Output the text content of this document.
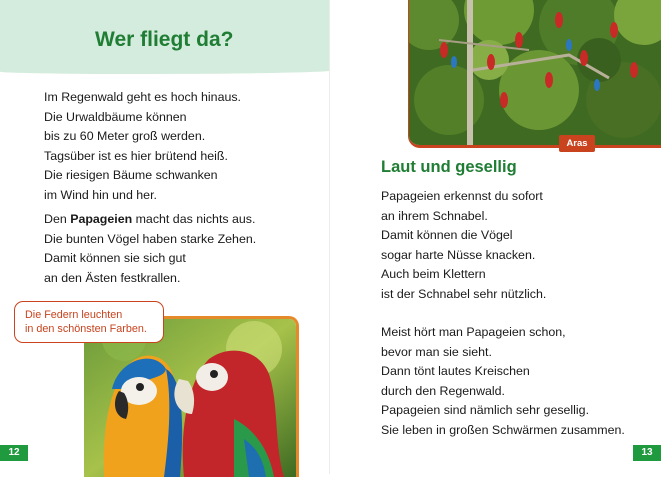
Wer fliegt da?

Im Regenwald geht es hoch hinaus.
Die Urwaldbäume können
bis zu 60 Meter groß werden.
Tagsüber ist es hier brütend heiß.
Die riesigen Bäume schwanken
im Wind hin und her.

Den Papageien macht das nichts aus.
Die bunten Vögel haben starke Zehen.
Damit können sie sich gut
an den Ästen festkrallen.

Die Federn leuchten
in den schönsten Farben.
12
Aras
Laut und gesellig

Papageien erkennst du sofort
an ihrem Schnabel.
Damit können die Vögel
sogar harte Nüsse knacken.
Auch beim Klettern
ist der Schnabel sehr nützlich.

Meist hört man Papageien schon,
bevor man sie sieht.
Dann tönt lautes Kreischen
durch den Regenwald.
Papageien sind nämlich sehr gesellig.
Sie leben in großen Schwärmen zusammen.

13
